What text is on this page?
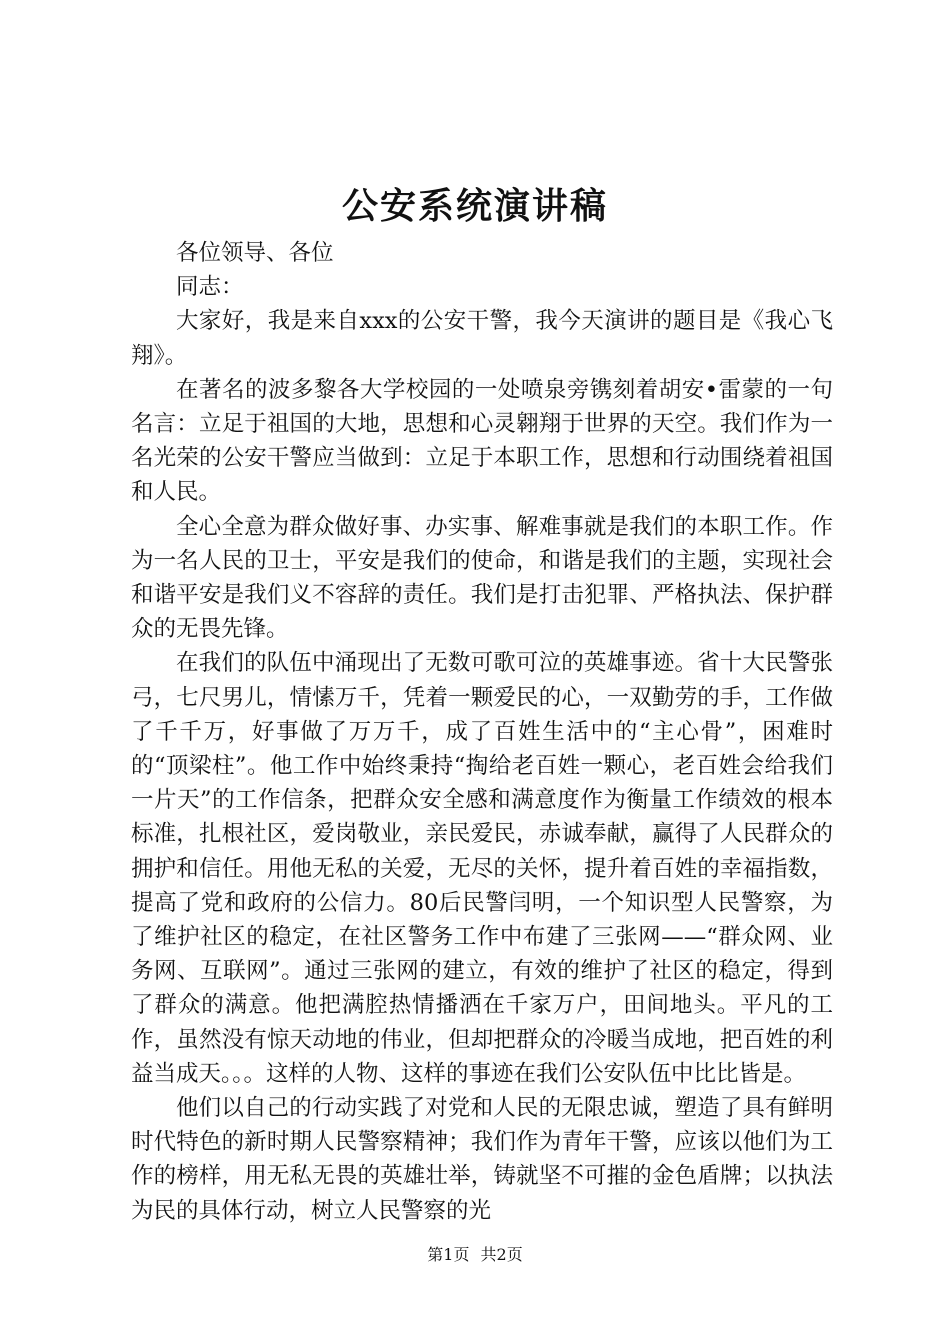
公安系统演讲稿

各位领导、各位

同志：

大家好，我是来自xxx的公安干警，我今天演讲的题目是《我心飞翔》。

在著名的波多黎各大学校园的一处喷泉旁镌刻着胡安•雷蒙的一句名言：立足于祖国的大地，思想和心灵翱翔于世界的天空。我们作为一名光荣的公安干警应当做到：立足于本职工作，思想和行动围绕着祖国和人民。

全心全意为群众做好事、办实事、解难事就是我们的本职工作。作为一名人民的卫士，平安是我们的使命，和谐是我们的主题，实现社会和谐平安是我们义不容辞的责任。我们是打击犯罪、严格执法、保护群众的无畏先锋。

在我们的队伍中涌现出了无数可歌可泣的英雄事迹。省十大民警张弓，七尺男儿，情愫万千，凭着一颗爱民的心，一双勤劳的手，工作做了千千万，好事做了万万千，成了百姓生活中的“主心骨”，困难时的“顶梁柱”。他工作中始终秉持“掏给老百姓一颗心，老百姓会给我们一片天”的工作信条，把群众安全感和满意度作为衡量工作绩效的根本标准，扎根社区，爱岗敬业，亲民爱民，赤诚奉献，赢得了人民群众的拥护和信任。用他无私的关爱，无尽的关怀，提升着百姓的幸福指数，提高了党和政府的公信力。80后民警闫明，一个知识型人民警察，为了维护社区的稳定，在社区警务工作中布建了三张网——“群众网、业务网、互联网”。通过三张网的建立，有效的维护了社区的稳定，得到了群众的满意。他把满腔热情播洒在千家万户，田间地头。平凡的工作，虽然没有惊天动地的伟业，但却把群众的冷暖当成地，把百姓的利益当成天。。。这样的人物、这样的事迹在我们公安队伍中比比皆是。

他们以自己的行动实践了对党和人民的无限忠诚，塑造了具有鲜明时代特色的新时期人民警察精神；我们作为青年干警，应该以他们为工作的榜样，用无私无畏的英雄壮举，铸就坚不可摧的金色盾牌；以执法为民的具体行动，树立人民警察的光

第1页 共2页
